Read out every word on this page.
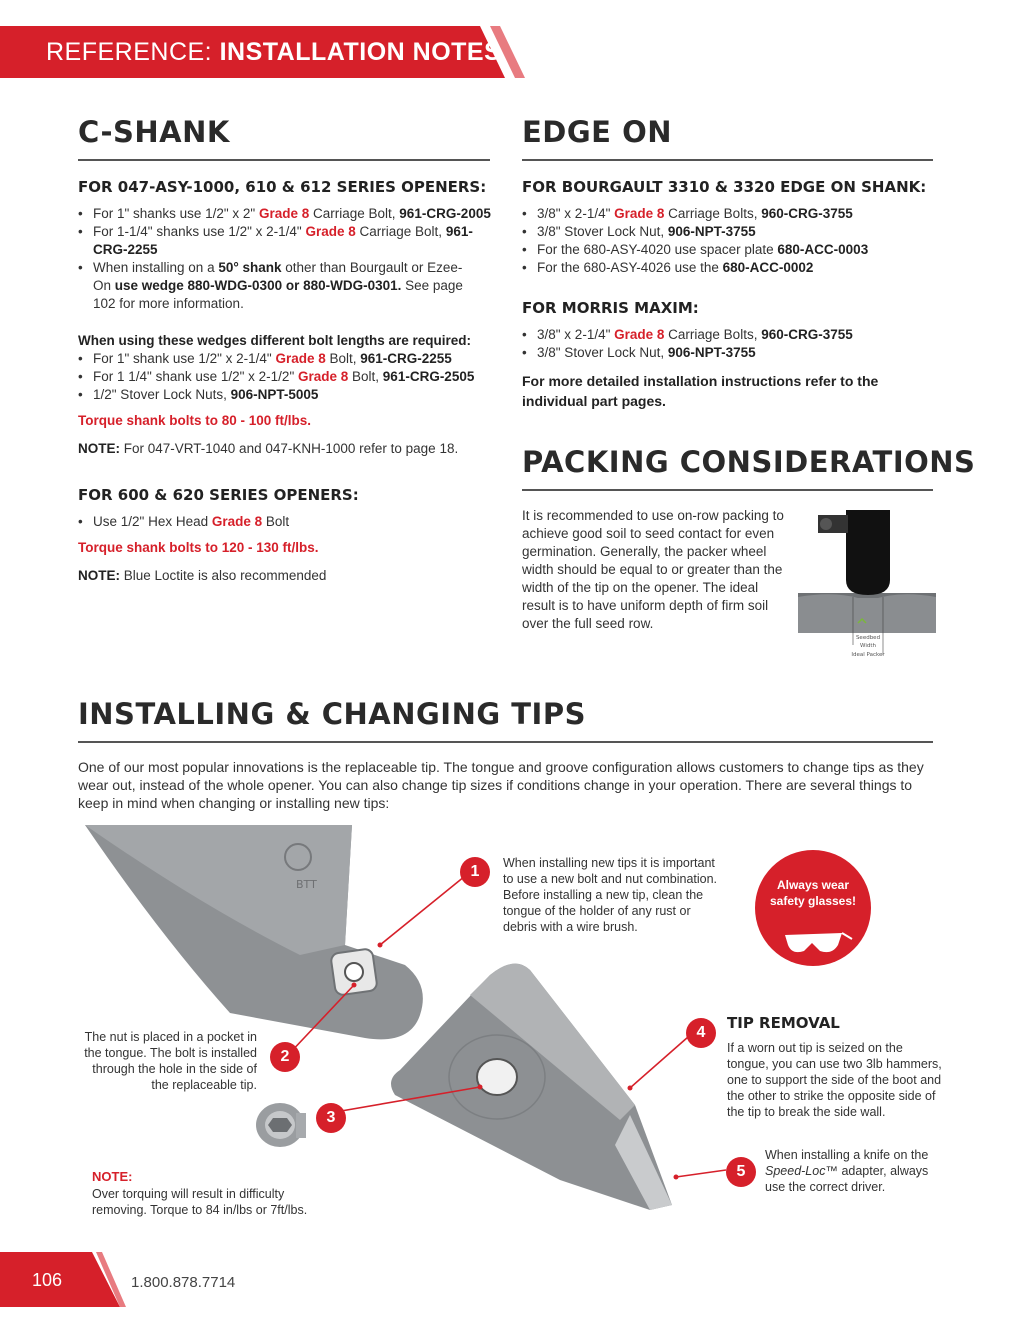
REFERENCE: INSTALLATION NOTES
C-SHANK
FOR 047-ASY-1000, 610 & 612 SERIES OPENERS:
• For 1" shanks use 1/2" x 2" Grade 8 Carriage Bolt, 961-CRG-2005
• For 1-1/4" shanks use 1/2" x 2-1/4" Grade 8 Carriage Bolt, 961-CRG-2255
• When installing on a 50° shank other than Bourgault or Ezee-On use wedge 880-WDG-0300 or 880-WDG-0301. See page 102 for more information.
When using these wedges different bolt lengths are required:
• For 1" shank use 1/2" x 2-1/4" Grade 8 Bolt, 961-CRG-2255
• For 1 1/4" shank use 1/2" x 2-1/2" Grade 8 Bolt, 961-CRG-2505
• 1/2" Stover Lock Nuts, 906-NPT-5005
Torque shank bolts to 80 - 100 ft/lbs.
NOTE: For 047-VRT-1040 and 047-KNH-1000 refer to page 18.
FOR 600 & 620 SERIES OPENERS:
• Use 1/2" Hex Head Grade 8 Bolt
Torque shank bolts to 120 - 130 ft/lbs.
NOTE: Blue Loctite is also recommended
EDGE ON
FOR BOURGAULT 3310 & 3320 EDGE ON SHANK:
• 3/8" x 2-1/4" Grade 8 Carriage Bolts, 960-CRG-3755
• 3/8" Stover Lock Nut, 906-NPT-3755
• For the 680-ASY-4020 use spacer plate 680-ACC-0003
• For the 680-ASY-4026 use the 680-ACC-0002
FOR MORRIS MAXIM:
• 3/8" x 2-1/4" Grade 8 Carriage Bolts, 960-CRG-3755
• 3/8" Stover Lock Nut, 906-NPT-3755
For more detailed installation instructions refer to the individual part pages.
PACKING CONSIDERATIONS
It is recommended to use on-row packing to achieve good soil to seed contact for even germination. Generally, the packer wheel width should be equal to or greater than the width of the tip on the opener. The ideal result is to have uniform depth of firm soil over the full seed row.
Seedbed
Width
Ideal Packer
INSTALLING & CHANGING TIPS
One of our most popular innovations is the replaceable tip. The tongue and groove configuration allows customers to change tips as they wear out, instead of the whole opener. You can also change tip sizes if conditions change in your operation. There are several things to keep in mind when changing or installing new tips:
BTT
1	When installing new tips it is important to use a new bolt and nut combination. Before installing a new tip, clean the tongue of the holder of any rust or debris with a wire brush.
The nut is placed in a pocket in the tongue. The bolt is installed through the hole in the side of the replaceable tip.
2
3
4
TIP REMOVAL
If a worn out tip is seized on the tongue, you can use two 3lb hammers, one to support the side of the boot and the other to strike the opposite side of the tip to break the side wall.
5
When installing a knife on the Speed-Loc™ adapter, always use the correct driver.
Always wear safety glasses!
NOTE:
Over torquing will result in difficulty removing. Torque to 84 in/lbs or 7ft/lbs.
106	1.800.878.7714
